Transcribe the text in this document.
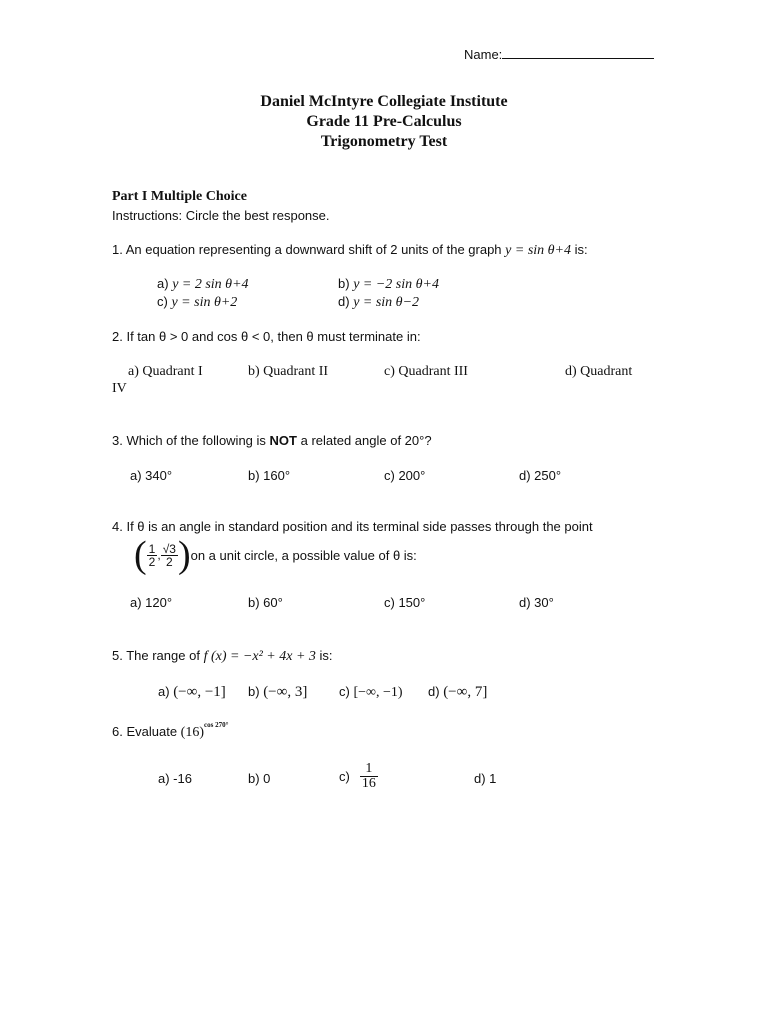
Name:
Daniel McIntyre Collegiate Institute
Grade 11 Pre-Calculus
Trigonometry Test
Part I Multiple Choice
Instructions: Circle the best response.
1. An equation representing a downward shift of 2 units of the graph y = sin θ+4 is:
a) y = 2 sin θ+4	b) y = −2 sin θ+4
c) y = sin θ+2	d) y = sin θ−2
2. If tan θ > 0 and cos θ < 0, then θ must terminate in:
a) Quadrant I	b) Quadrant II	c) Quadrant III	d) Quadrant
IV
3. Which of the following is NOT a related angle of 20°?
a) 340°	b) 160°	c) 200°	d) 250°
4. If θ is an angle in standard position and its terminal side passes through the point
( $\frac{1}{2}$ , $\frac{√3}{2}$ ) on a unit circle, a possible value of θ is:
a) 120°	b) 60°	c) 150°	d) 30°
5. The range of f (x) = −x² + 4x + 3 is:
a) (−∞, −1] b) (−∞, 3] c) [−∞, −1) d) (−∞, 7]
6. Evaluate $(16)^{cos 270^\circ}$
a) -16	b) 0	$c) \frac{1}{16}$	d) 1
